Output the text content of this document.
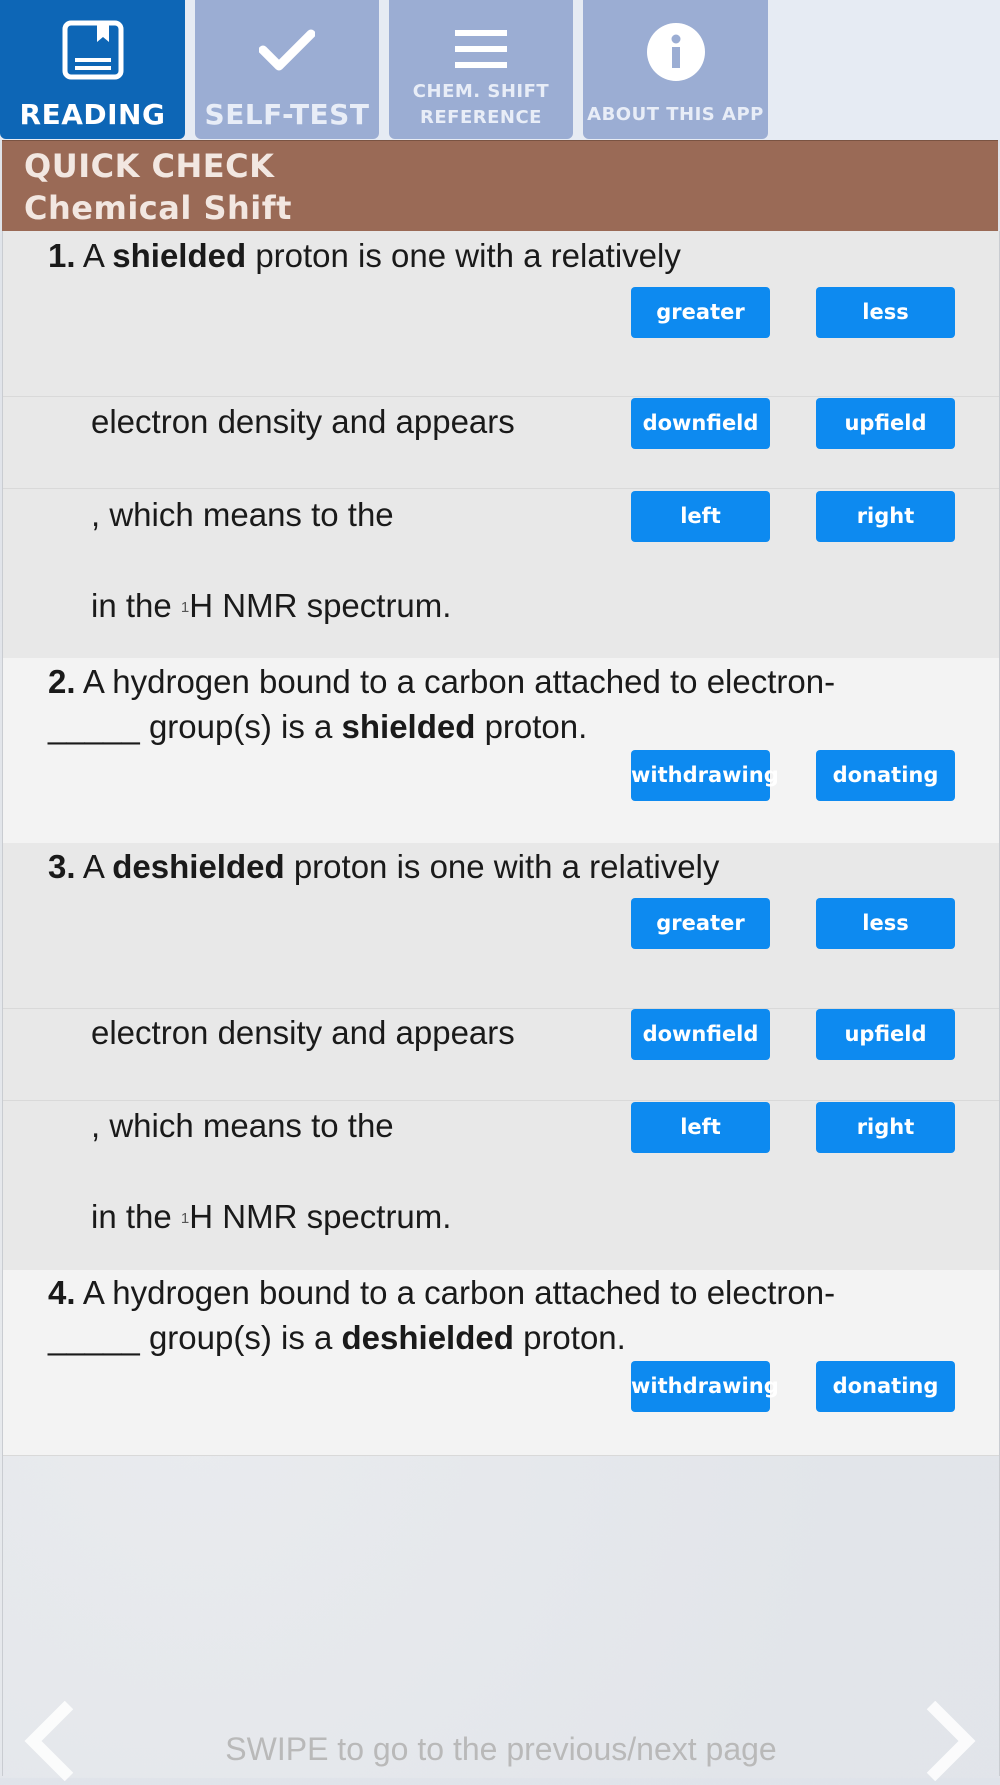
READING	SELF-TEST
CHEM. SHIFT
REFERENCE	ABOUT THIS APP
QUICK CHECK
Chemical Shift
1. A shielded proton is one with a relatively
greater	less
electron density and appears	downfield	upfield
, which means to the	left	right
in the $^1$H NMR spectrum.
2. A hydrogen bound to a carbon attached to electron-
_____ group(s) is a shielded proton.
withdrawing	donating
3. A deshielded proton is one with a relatively
greater	less
electron density and appears	downfield	upfield
, which means to the	left	right
in the $^1$H NMR spectrum.
4. A hydrogen bound to a carbon attached to electron-
_____ group(s) is a deshielded proton.
withdrawing	donating
SWIPE to go to the previous/next page
